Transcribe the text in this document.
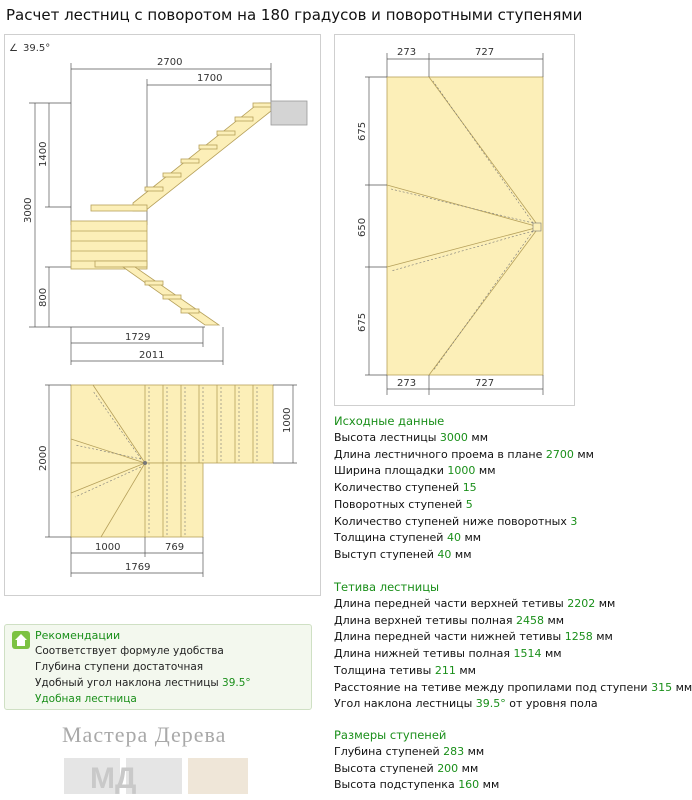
Расчет лестниц с поворотом на 180 градусов и поворотными ступенями
∠ 39.5°
2700
1700
3000
1400
800
1729
2011
2000
1000
1000	769
1769
273	727
273	727
675
650
675
Исходные данные
Высота лестницы 3000 мм
Длина лестничного проема в плане 2700 мм
Ширина площадки 1000 мм
Количество ступеней 15
Поворотных ступеней 5
Количество ступеней ниже поворотных 3
Толщина ступеней 40 мм
Выступ ступеней 40 мм
Тетива лестницы
Длина передней части верхней тетивы 2202 мм
Длина верхней тетивы полная 2458 мм
Длина передней части нижней тетивы 1258 мм
Длина нижней тетивы полная 1514 мм
Толщина тетивы 211 мм
Расстояние на тетиве между пропилами под ступени 315 мм
Угол наклона лестницы 39.5° от уровня пола
Размеры ступеней
Глубина ступеней 283 мм
Высота ступеней 200 мм
Высота подступенка 160 мм
Рекомендации
Соответствует формуле удобства
Глубина ступени достаточная
Удобный угол наклона лестницы 39.5°
Удобная лестница
Мастера Дерева
МД
